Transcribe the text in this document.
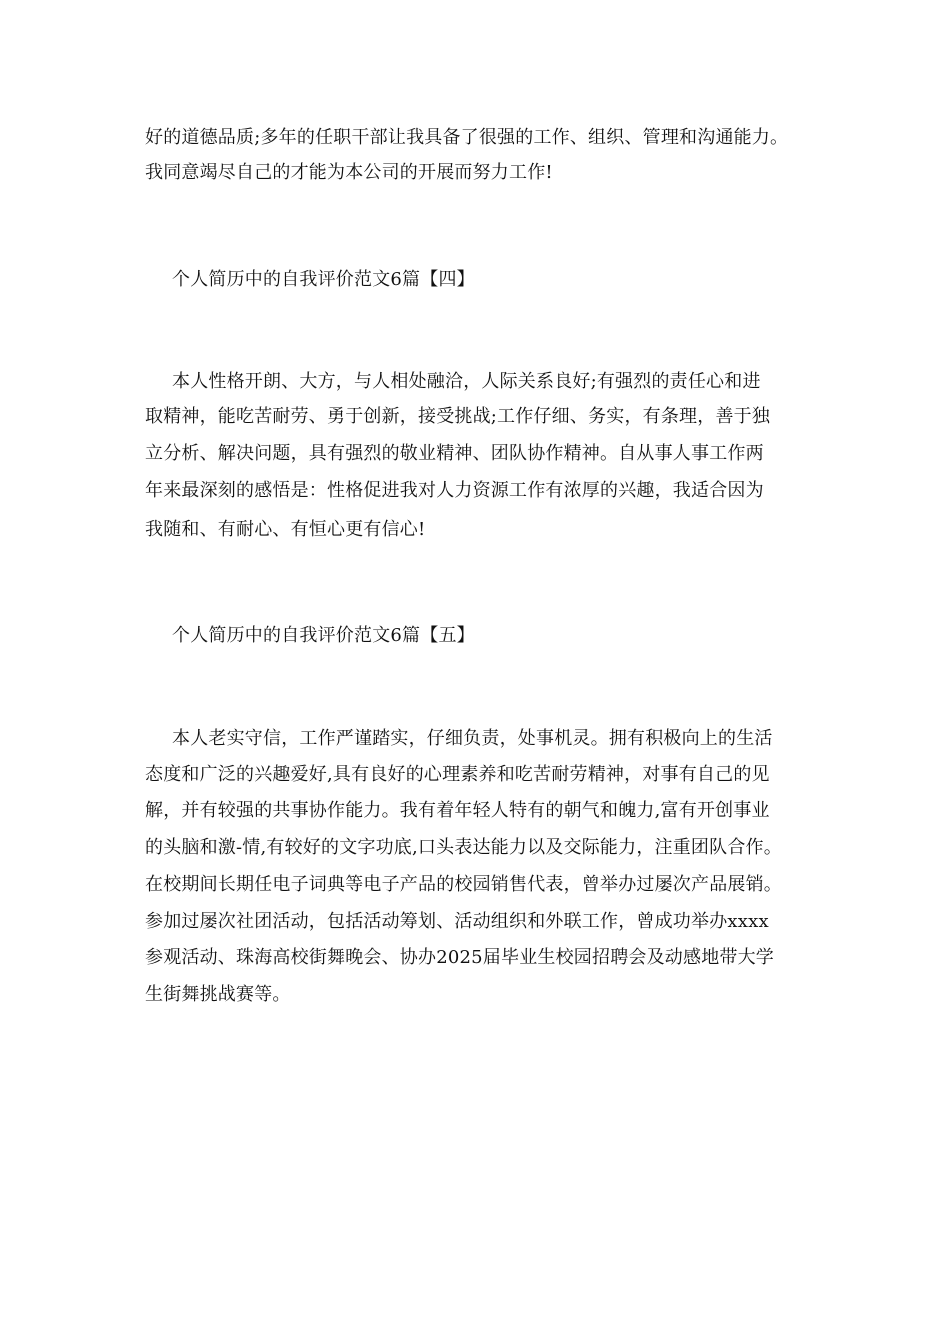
好的道德品质;多年的任职干部让我具备了很强的工作、组织、管理和沟通能力。
我同意竭尽自己的才能为本公司的开展而努力工作!
个人简历中的自我评价范文6篇【四】
本人性格开朗、大方，与人相处融洽，人际关系良好;有强烈的责任心和进
取精神，能吃苦耐劳、勇于创新，接受挑战;工作仔细、务实，有条理，善于独
立分析、解决问题，具有强烈的敬业精神、团队协作精神。自从事人事工作两
年来最深刻的感悟是：性格促进我对人力资源工作有浓厚的兴趣，我适合因为
我随和、有耐心、有恒心更有信心!
个人简历中的自我评价范文6篇【五】
本人老实守信，工作严谨踏实，仔细负责，处事机灵。拥有积极向上的生活
态度和广泛的兴趣爱好,具有良好的心理素养和吃苦耐劳精神，对事有自己的见
解，并有较强的共事协作能力。我有着年轻人特有的朝气和魄力,富有开创事业
的头脑和激-情,有较好的文字功底,口头表达能力以及交际能力，注重团队合作。
在校期间长期任电子词典等电子产品的校园销售代表，曾举办过屡次产品展销。
参加过屡次社团活动，包括活动筹划、活动组织和外联工作，曾成功举办xxxx
参观活动、珠海高校街舞晚会、协办2025届毕业生校园招聘会及动感地带大学
生街舞挑战赛等。
